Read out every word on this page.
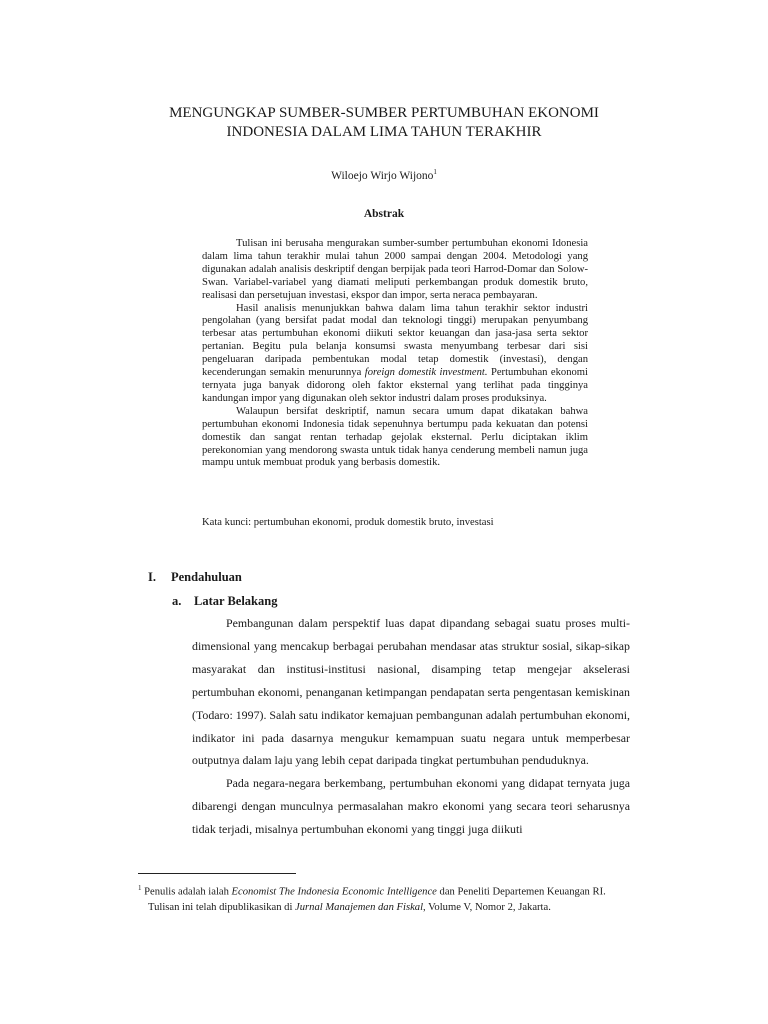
MENGUNGKAP SUMBER-SUMBER PERTUMBUHAN EKONOMI
INDONESIA DALAM LIMA TAHUN TERAKHIR
Wiloejo Wirjo Wijono$^1$
Abstrak

Tulisan ini berusaha mengurakan sumber-sumber pertumbuhan ekonomi Idonesia dalam lima tahun terakhir mulai tahun 2000 sampai dengan 2004. Metodologi yang digunakan adalah analisis deskriptif dengan berpijak pada teori Harrod-Domar dan Solow-Swan. Variabel-variabel yang diamati meliputi perkembangan produk domestik bruto, realisasi dan persetujuan investasi, ekspor dan impor, serta neraca pembayaran.

Hasil analisis menunjukkan bahwa dalam lima tahun terakhir sektor industri pengolahan (yang bersifat padat modal dan teknologi tinggi) merupakan penyumbang terbesar atas pertumbuhan ekonomi diikuti sektor keuangan dan jasa-jasa serta sektor pertanian. Begitu pula belanja konsumsi swasta menyumbang terbesar dari sisi pengeluaran daripada pembentukan modal tetap domestik (investasi), dengan kecenderungan semakin menurunnya foreign domestik investment. Pertumbuhan ekonomi ternyata juga banyak didorong oleh faktor eksternal yang terlihat pada tingginya kandungan impor yang digunakan oleh sektor industri dalam proses produksinya.

Walaupun bersifat deskriptif, namun secara umum dapat dikatakan bahwa pertumbuhan ekonomi Indonesia tidak sepenuhnya bertumpu pada kekuatan dan potensi domestik dan sangat rentan terhadap gejolak eksternal. Perlu diciptakan iklim perekonomian yang mendorong swasta untuk tidak hanya cenderung membeli namun juga mampu untuk membuat produk yang berbasis domestik.

Kata kunci: pertumbuhan ekonomi, produk domestik bruto, investasi
I. Pendahuluan
a. Latar Belakang

Pembangunan dalam perspektif luas dapat dipandang sebagai suatu proses multi-dimensional yang mencakup berbagai perubahan mendasar atas struktur sosial, sikap-sikap masyarakat dan institusi-institusi nasional, disamping tetap mengejar akselerasi pertumbuhan ekonomi, penanganan ketimpangan pendapatan serta pengentasan kemiskinan (Todaro: 1997). Salah satu indikator kemajuan pembangunan adalah pertumbuhan ekonomi, indikator ini pada dasarnya mengukur kemampuan suatu negara untuk memperbesar outputnya dalam laju yang lebih cepat daripada tingkat pertumbuhan penduduknya.

Pada negara-negara berkembang, pertumbuhan ekonomi yang didapat ternyata juga dibarengi dengan munculnya permasalahan makro ekonomi yang secara teori seharusnya tidak terjadi, misalnya pertumbuhan ekonomi yang tinggi juga diikuti

$^1$ Penulis adalah ialah Economist The Indonesia Economic Intelligence dan Peneliti Departemen Keuangan RI.
Tulisan ini telah dipublikasikan di Jurnal Manajemen dan Fiskal, Volume V, Nomor 2, Jakarta.
